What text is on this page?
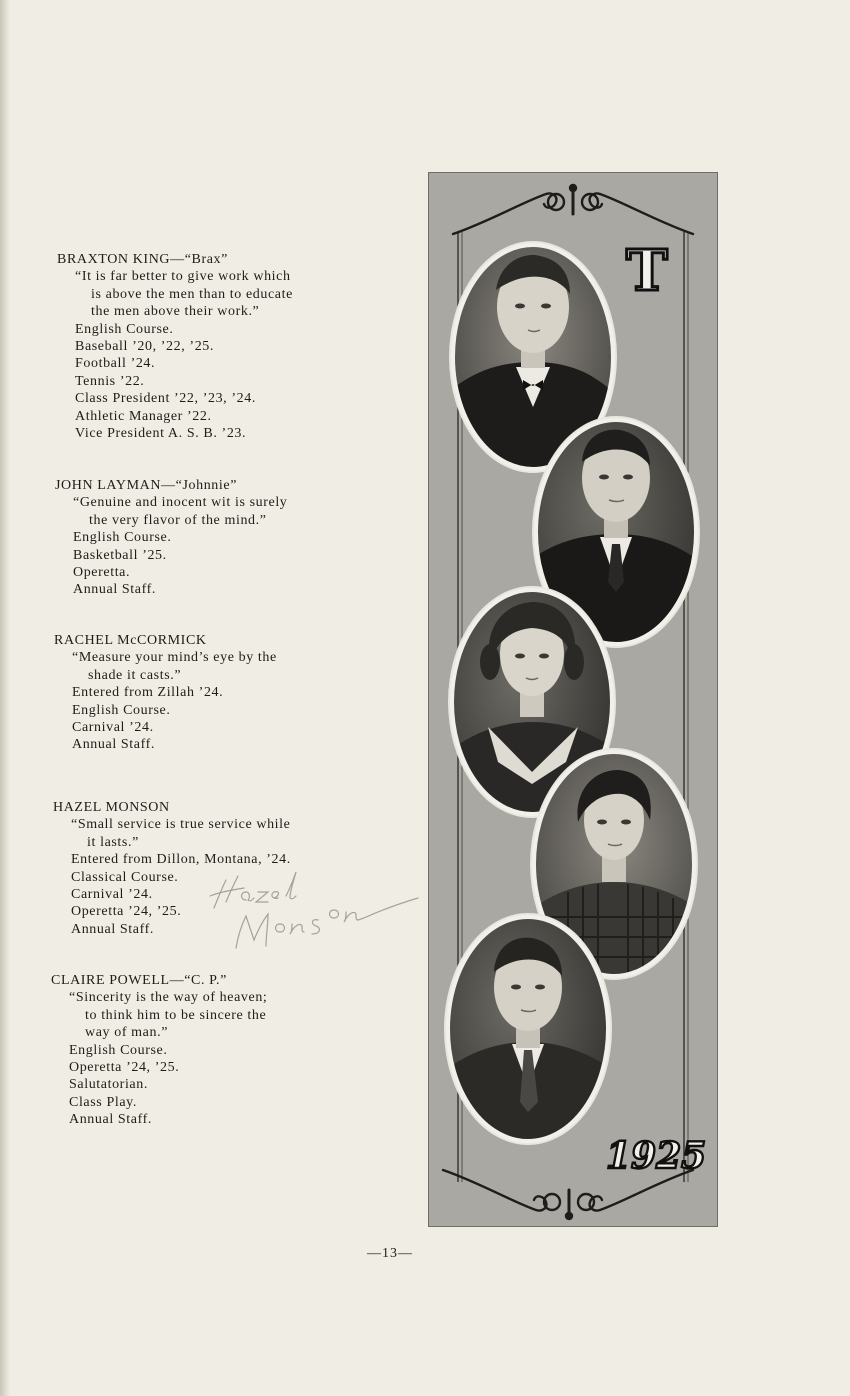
BRAXTON KING—“Brax”

“It is far better to give work which

is above the men than to educate

the men above their work.”

English Course.

Baseball ’20, ’22, ’25.

Football ’24.

Tennis ’22.

Class President ’22, ’23, ’24.

Athletic Manager ’22.

Vice President A. S. B. ’23.

JOHN LAYMAN—“Johnnie”

“Genuine and inocent wit is surely

the very flavor of the mind.”

English Course.

Basketball ’25.

Operetta.

Annual Staff.

RACHEL McCORMICK

“Measure your mind’s eye by the

shade it casts.”

Entered from Zillah ’24.

English Course.

Carnival ’24.

Annual Staff.

HAZEL MONSON

“Small service is true service while

it lasts.”

Entered from Dillon, Montana, ’24.

Classical Course.

Carnival ’24.

Operetta ’24, ’25.

Annual Staff.

CLAIRE POWELL—“C. P.”

“Sincerity is the way of heaven;

to think him to be sincere the

way of man.”

English Course.

Operetta ’24, ’25.

Salutatorian.

Class Play.

Annual Staff.

T
1925
—13—
